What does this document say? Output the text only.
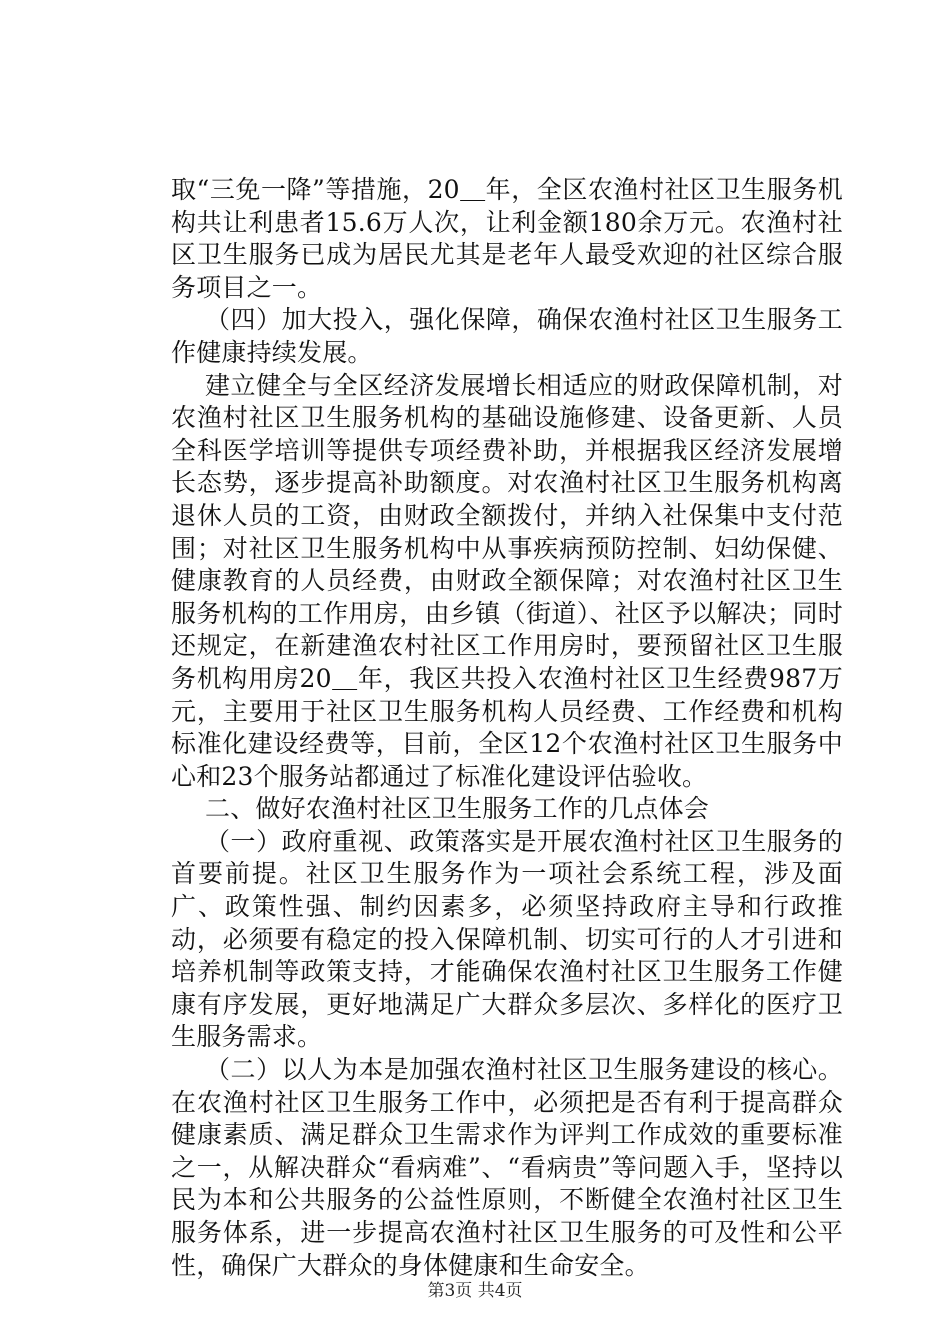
取“三免一降”等措施，20＿年，全区农渔村社区卫生服务机构共让利患者15.6万人次，让利金额180余万元。农渔村社区卫生服务已成为居民尤其是老年人最受欢迎的社区综合服务项目之一。

（四）加大投入，强化保障，确保农渔村社区卫生服务工作健康持续发展。

建立健全与全区经济发展增长相适应的财政保障机制，对农渔村社区卫生服务机构的基础设施修建、设备更新、人员全科医学培训等提供专项经费补助，并根据我区经济发展增长态势，逐步提高补助额度。对农渔村社区卫生服务机构离退休人员的工资，由财政全额拨付，并纳入社保集中支付范围；对社区卫生服务机构中从事疾病预防控制、妇幼保健、健康教育的人员经费，由财政全额保障；对农渔村社区卫生服务机构的工作用房，由乡镇（街道）、社区予以解决；同时还规定，在新建渔农村社区工作用房时，要预留社区卫生服务机构用房20＿年，我区共投入农渔村社区卫生经费987万元，主要用于社区卫生服务机构人员经费、工作经费和机构标准化建设经费等，目前，全区12个农渔村社区卫生服务中心和23个服务站都通过了标准化建设评估验收。

二、做好农渔村社区卫生服务工作的几点体会

（一）政府重视、政策落实是开展农渔村社区卫生服务的首要前提。社区卫生服务作为一项社会系统工程，涉及面广、政策性强、制约因素多，必须坚持政府主导和行政推动，必须要有稳定的投入保障机制、切实可行的人才引进和培养机制等政策支持，才能确保农渔村社区卫生服务工作健康有序发展，更好地满足广大群众多层次、多样化的医疗卫生服务需求。

（二）以人为本是加强农渔村社区卫生服务建设的核心。在农渔村社区卫生服务工作中，必须把是否有利于提高群众健康素质、满足群众卫生需求作为评判工作成效的重要标准之一，从解决群众“看病难”、“看病贵”等问题入手，坚持以民为本和公共服务的公益性原则，不断健全农渔村社区卫生服务体系，进一步提高农渔村社区卫生服务的可及性和公平性，确保广大群众的身体健康和生命安全。

第3页 共4页
